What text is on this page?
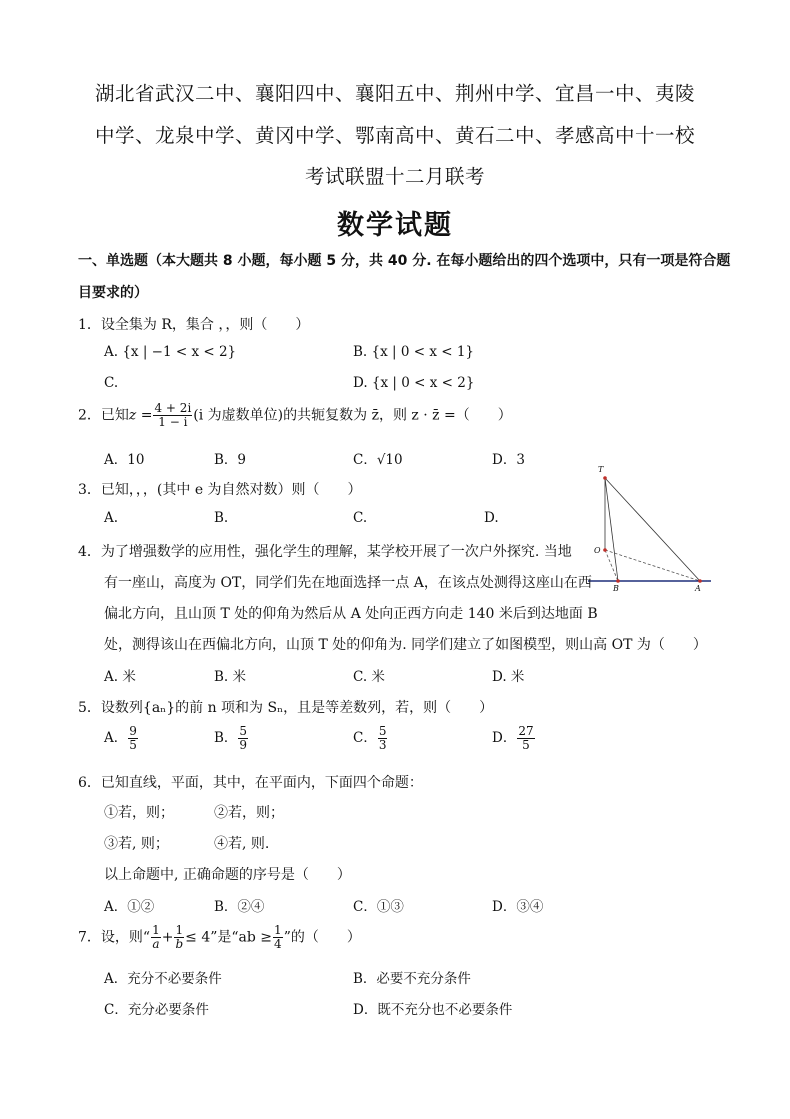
湖北省武汉二中、襄阳四中、襄阳五中、荆州中学、宜昌一中、夷陵
中学、龙泉中学、黄冈中学、鄂南高中、黄石二中、孝感高中十一校
考试联盟十二月联考
数学试题
一、单选题（本大题共 8 小题，每小题 5 分，共 40 分. 在每小题给出的四个选项中，只有一项是符合题
目要求的）
1．设全集为 R，集合 ，，则（　　）
A. {x | −1 < x < 2}	B. {x | 0 < x < 1}
C.	D. {x | 0 < x < 2}
2．已知$z = \frac{4 + 2i}{1 - i} (i$ 为虚数单位)的共轭复数为 z̄，则 z · z̄ =（　　）
A．10	B．9	C．√10	D．3
3．已知，，，(其中 e 为自然对数）则（　　）
A.	B.	C.	D.
T
O
B	A
4．为了增强数学的应用性，强化学生的理解，某学校开展了一次户外探究. 当地
有一座山，高度为 OT，同学们先在地面选择一点 A，在该点处测得这座山在西
偏北方向，且山顶 T 处的仰角为然后从 A 处向正西方向走 140 米后到达地面 B
处，测得该山在西偏北方向，山顶 T 处的仰角为. 同学们建立了如图模型，则山高 OT 为（　　）
A. 米	B. 米	C. 米	D. 米
5．设数列{aₙ}的前 n 项和为 Sₙ，且是等差数列，若，则（　　）
A． $\frac{9}{5}$	B． $\frac{5}{9}$	C． $\frac{5}{3}$	D． $\frac{27}{5}$
6．已知直线，平面，其中，在平面内，下面四个命题：
①若，则；	②若，则；
③若, 则；	④若, 则.
以上命题中, 正确命题的序号是（　　）
A．①②	B．②④	C．①③	D．③④
7．设，则“ $\frac{1}{a} + \frac{1}{b} \le 4$”是“ab ≥ $\frac{1}{4}$ ”的（　　）
A．充分不必要条件	B．必要不充分条件
C．充分必要条件	D．既不充分也不必要条件
